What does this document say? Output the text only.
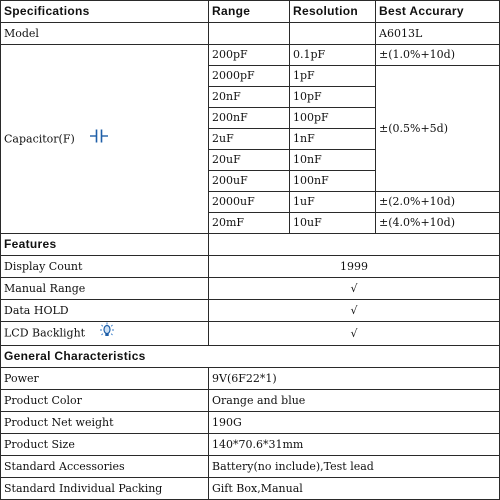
Specifications	Range	Resolution	Best Accurary
Model			A6013L
Capacitor(F)	200pF	0.1pF	±(1.0%+10d)
	2000pF	1pF	±(0.5%+5d)
	20nF	10pF	
	200nF	100pF	
	2uF	1nF	
	20uF	10nF	
	200uF	100nF	
	2000uF	1uF	±(2.0%+10d)
	20mF	10uF	±(4.0%+10d)
Features			
Display Count	1999		
Manual Range	√		
Data HOLD	√		
LCD Backlight	√		
General Characteristics			
Power	9V(6F22*1)		
Product Color	Orange and blue		
Product Net weight	190G		
Product Size	140*70.6*31mm		
Standard Accessories	Battery(no include),Test lead		
Standard Individual Packing	Gift Box,Manual		
